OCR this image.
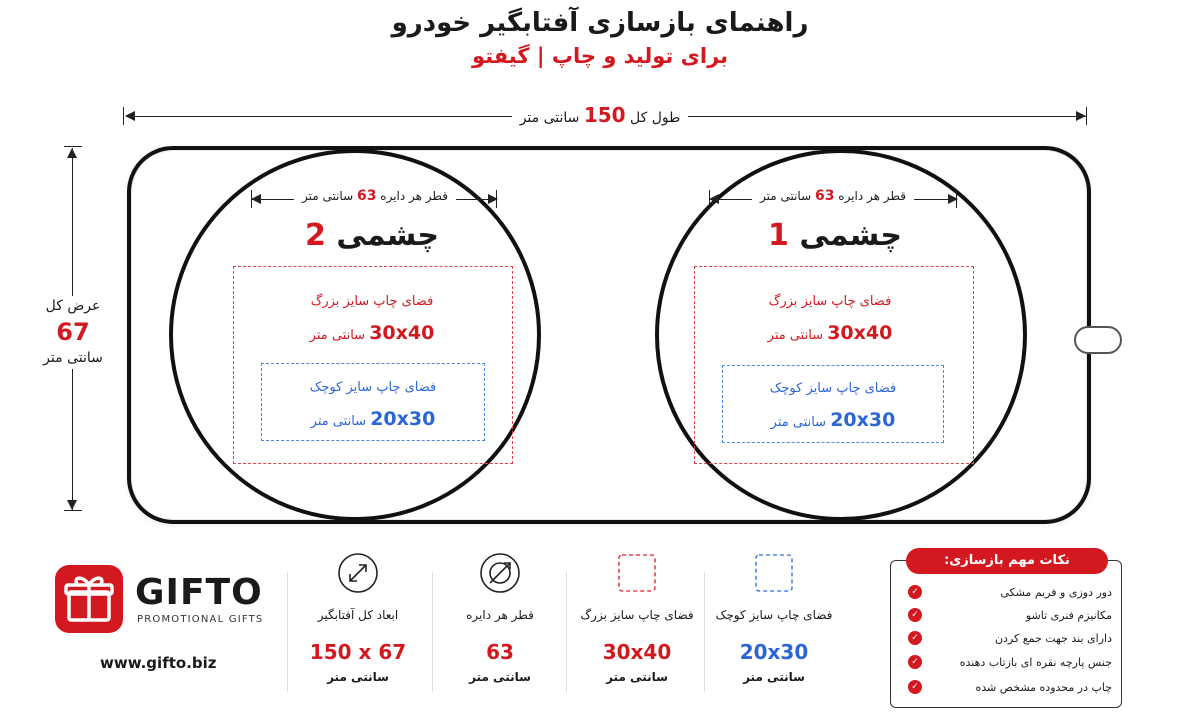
راهنمای بازسازی آفتابگیر خودرو
برای تولید و چاپ | گیفتو
طول کل 150 سانتی متر
عرض کل
67
سانتی متر
قطر هر دایره 63 سانتی متر
چشمی 2
فضای چاپ سایز بزرگ
30x40 سانتی متر
فضای چاپ سایز کوچک
20x30 سانتی متر
قطر هر دایره 63 سانتی متر
چشمی 1
فضای چاپ سایز بزرگ
30x40 سانتی متر
فضای چاپ سایز کوچک
20x30 سانتی متر
GIFTO
PROMOTIONAL GIFTS
www.gifto.biz
ابعاد کل آفتابگیر
150 x 67
سانتی متر
قطر هر دایره
63
سانتی متر
فضای چاپ سایز بزرگ
30x40
سانتی متر
فضای چاپ سایز کوچک
20x30
سانتی متر
نکات مهم بازسازی:
✓	دور دوزی و فریم مشکی
✓	مکانیزم فنری تاشو
✓	دارای بند جهت جمع کردن
✓	جنس پارچه نقره ای بازتاب دهنده
✓	چاپ در محدوده مشخص شده
